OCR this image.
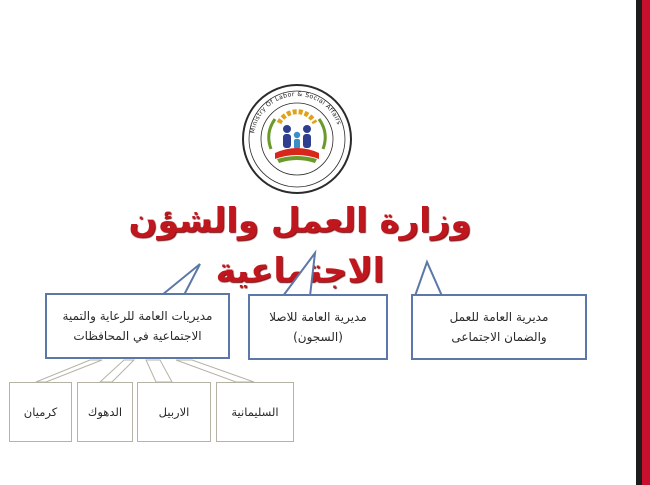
Ministry Of Labor & Social Affairs
وزارة العمل والشؤن الاجتماعية
مديرية العامة للعمل
والضمان الاجتماعى
مديرية العامة للاصلا
(السجون)
مديريات العامة للرعاية والتمية
الاجتماعية في المحافظات
السليمانية
الاربيل
الدهوك
كرميان
